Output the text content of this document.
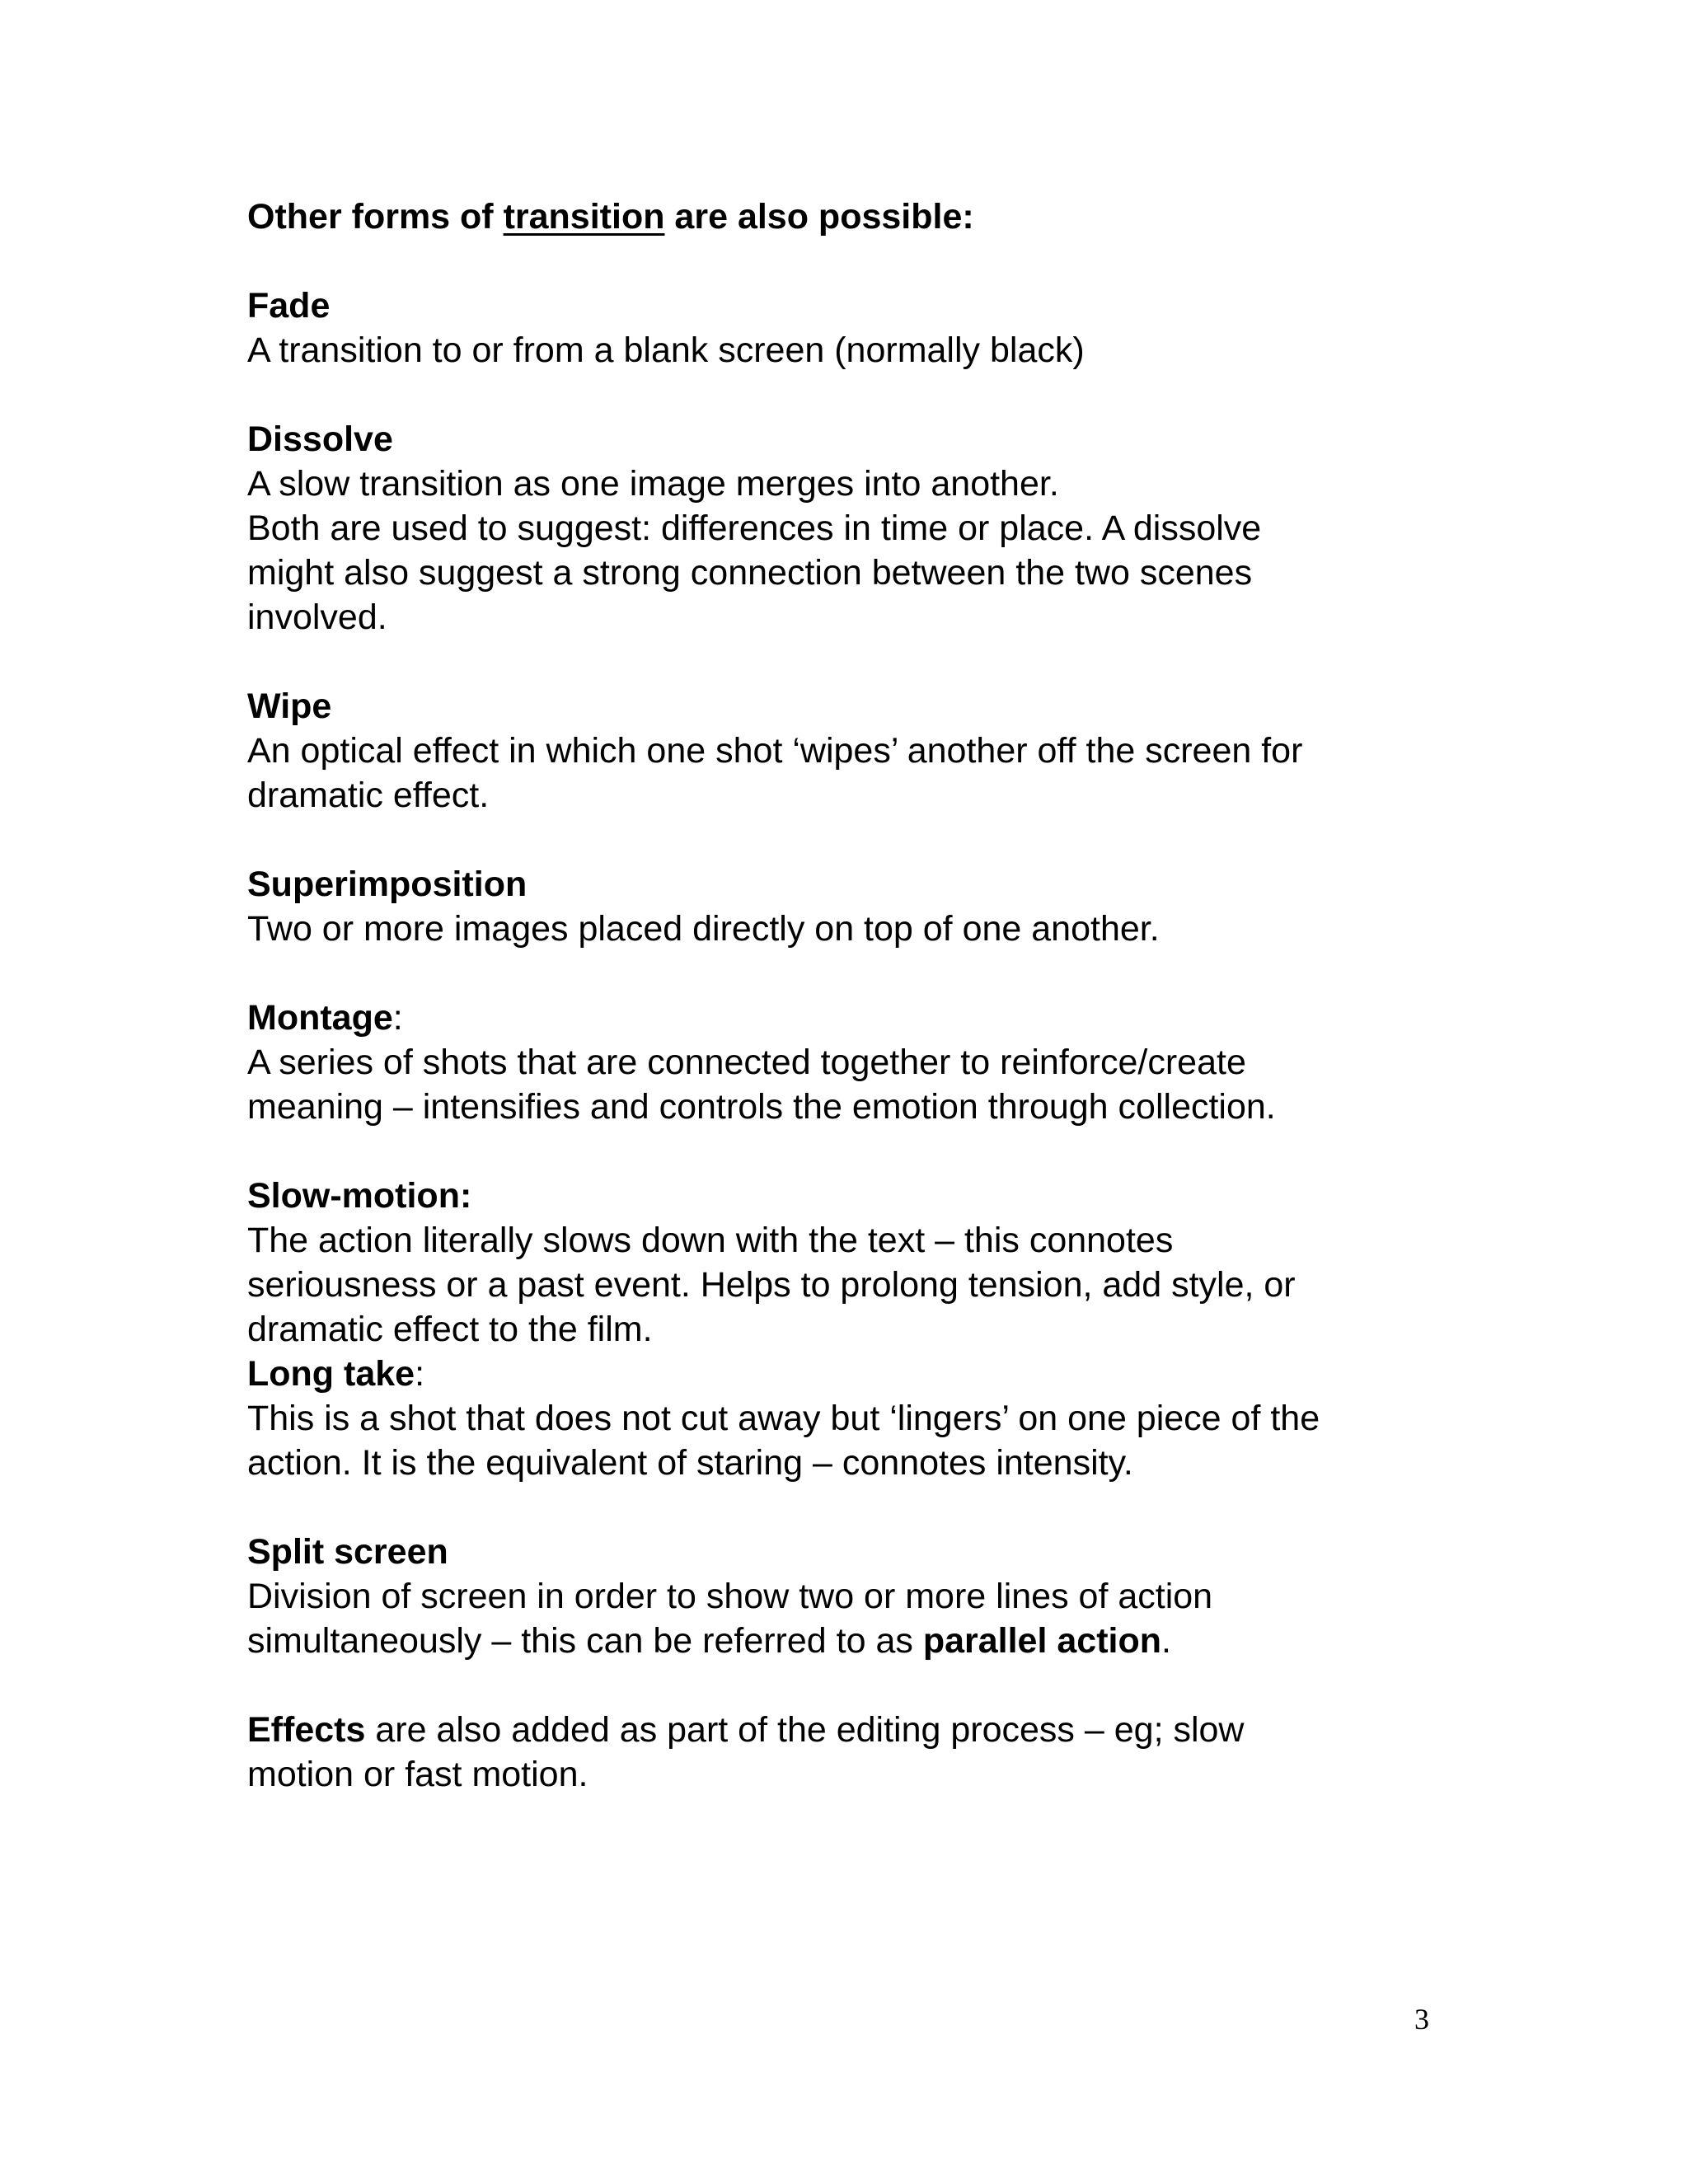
Other forms of transition are also possible:
Fade
A transition to or from a blank screen (normally black)
Dissolve
A slow transition as one image merges into another.
Both are used to suggest: differences in time or place. A dissolve
might also suggest a strong connection between the two scenes
involved.
Wipe
An optical effect in which one shot ‘wipes’ another off the screen for
dramatic effect.
Superimposition
Two or more images placed directly on top of one another.
Montage:
A series of shots that are connected together to reinforce/create
meaning – intensifies and controls the emotion through collection.
Slow-motion:
The action literally slows down with the text – this connotes
seriousness or a past event. Helps to prolong tension, add style, or
dramatic effect to the film.
Long take:
This is a shot that does not cut away but ‘lingers’ on one piece of the
action. It is the equivalent of staring – connotes intensity.
Split screen
Division of screen in order to show two or more lines of action
simultaneously – this can be referred to as parallel action.
Effects are also added as part of the editing process – eg; slow
motion or fast motion.
3
